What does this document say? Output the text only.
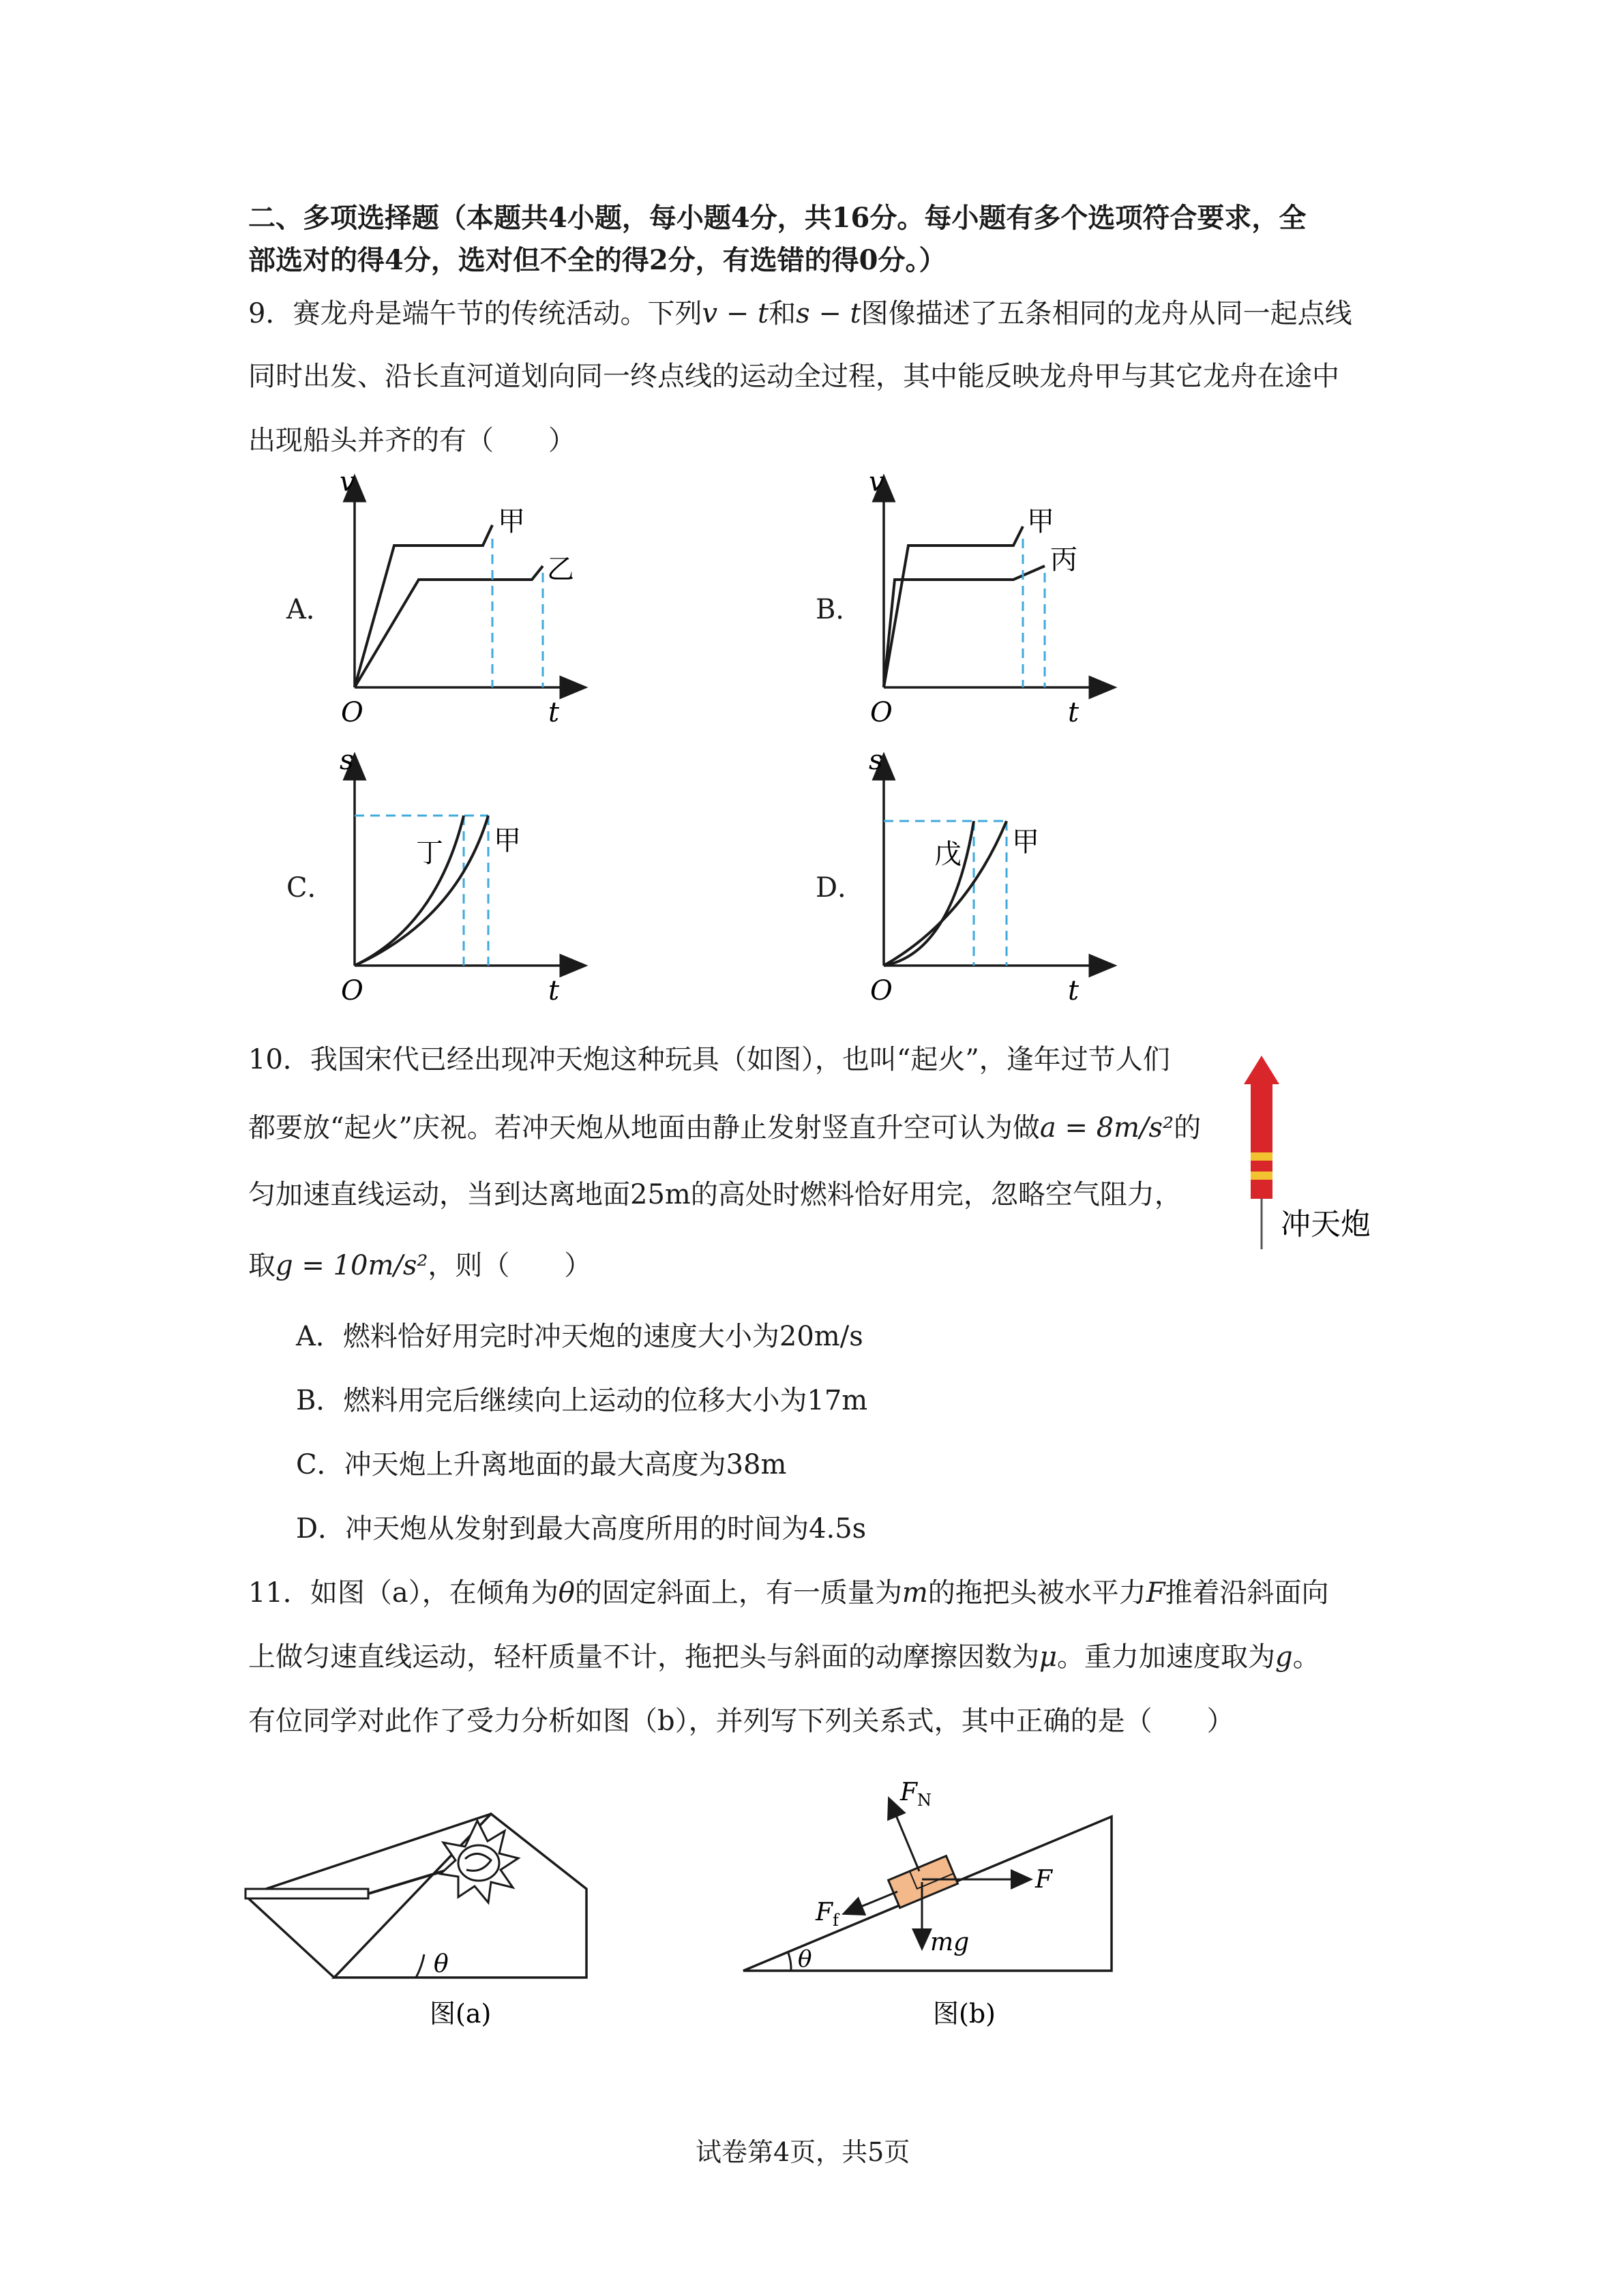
二、多项选择题（本题共4小题，每小题4分，共16分。每小题有多个选项符合要求，全
部选对的得4分，选对但不全的得2分，有选错的得0分。）
9．赛龙舟是端午节的传统活动。下列v − t和s − t图像描述了五条相同的龙舟从同一起点线
同时出发、沿长直河道划向同一终点线的运动全过程，其中能反映龙舟甲与其它龙舟在途中
出现船头并齐的有（　　）
A．	B．
C．	D．
v
O	t
甲
乙
v
O	t
甲
丙
s
O	t
丁 甲
s
O	t
戊 甲
10．我国宋代已经出现冲天炮这种玩具（如图），也叫“起火”，逢年过节人们
都要放“起火”庆祝。若冲天炮从地面由静止发射竖直升空可认为做a = 8m/s²的
匀加速直线运动，当到达离地面25m的高处时燃料恰好用完，忽略空气阻力，
取g = 10m/s²，则（　　）
冲天炮
A．燃料恰好用完时冲天炮的速度大小为20m/s
B．燃料用完后继续向上运动的位移大小为17m
C．冲天炮上升离地面的最大高度为38m
D．冲天炮从发射到最大高度所用的时间为4.5s
11．如图（a），在倾角为θ的固定斜面上，有一质量为m的拖把头被水平力F推着沿斜面向
上做匀速直线运动，轻杆质量不计，拖把头与斜面的动摩擦因数为μ。重力加速度取为g。
有位同学对此作了受力分析如图（b），并列写下列关系式，其中正确的是（　　）
θ
图(a)
$F_N$
F
$F_f$
mg
θ
图(b)
试卷第4页，共5页
